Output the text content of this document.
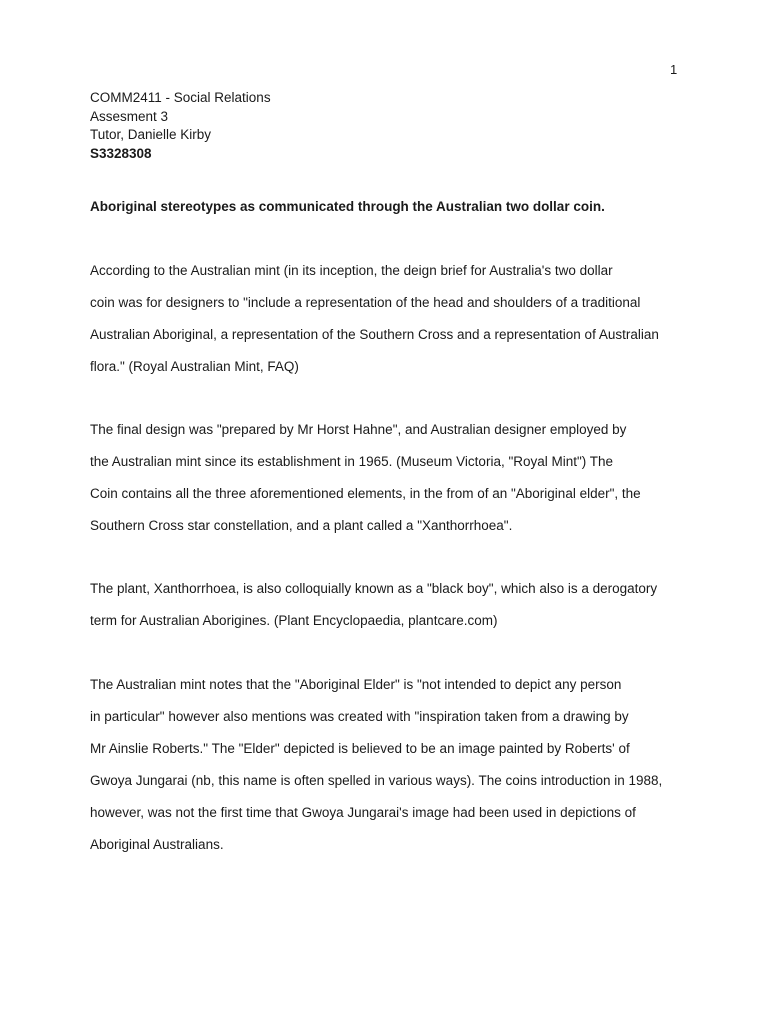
1
COMM2411 - Social Relations
Assesment 3
Tutor, Danielle Kirby
S3328308
Aboriginal stereotypes as communicated through the Australian two dollar coin.
According to the Australian mint (in its inception, the deign brief for Australia's two dollar
coin was for designers to "include a representation of the head and shoulders of a traditional
Australian Aboriginal, a representation of the Southern Cross and a representation of Australian
flora." (Royal Australian Mint, FAQ)
The final design was "prepared by Mr Horst Hahne", and Australian designer employed by
the Australian mint since its establishment in 1965. (Museum Victoria, "Royal Mint") The
Coin contains all the three aforementioned elements, in the from of an "Aboriginal elder", the
Southern Cross star constellation, and a plant called a "Xanthorrhoea".
The plant, Xanthorrhoea, is also colloquially known as a "black boy", which also is a derogatory
term for Australian Aborigines. (Plant Encyclopaedia, plantcare.com)
The Australian mint notes that the "Aboriginal Elder" is "not intended to depict any person
in particular" however also mentions was created with "inspiration taken from a drawing by
Mr Ainslie Roberts." The "Elder" depicted is believed to be an image painted by Roberts' of
Gwoya Jungarai (nb, this name is often spelled in various ways). The coins introduction in 1988,
however, was not the first time that Gwoya Jungarai's image had been used in depictions of
Aboriginal Australians.
